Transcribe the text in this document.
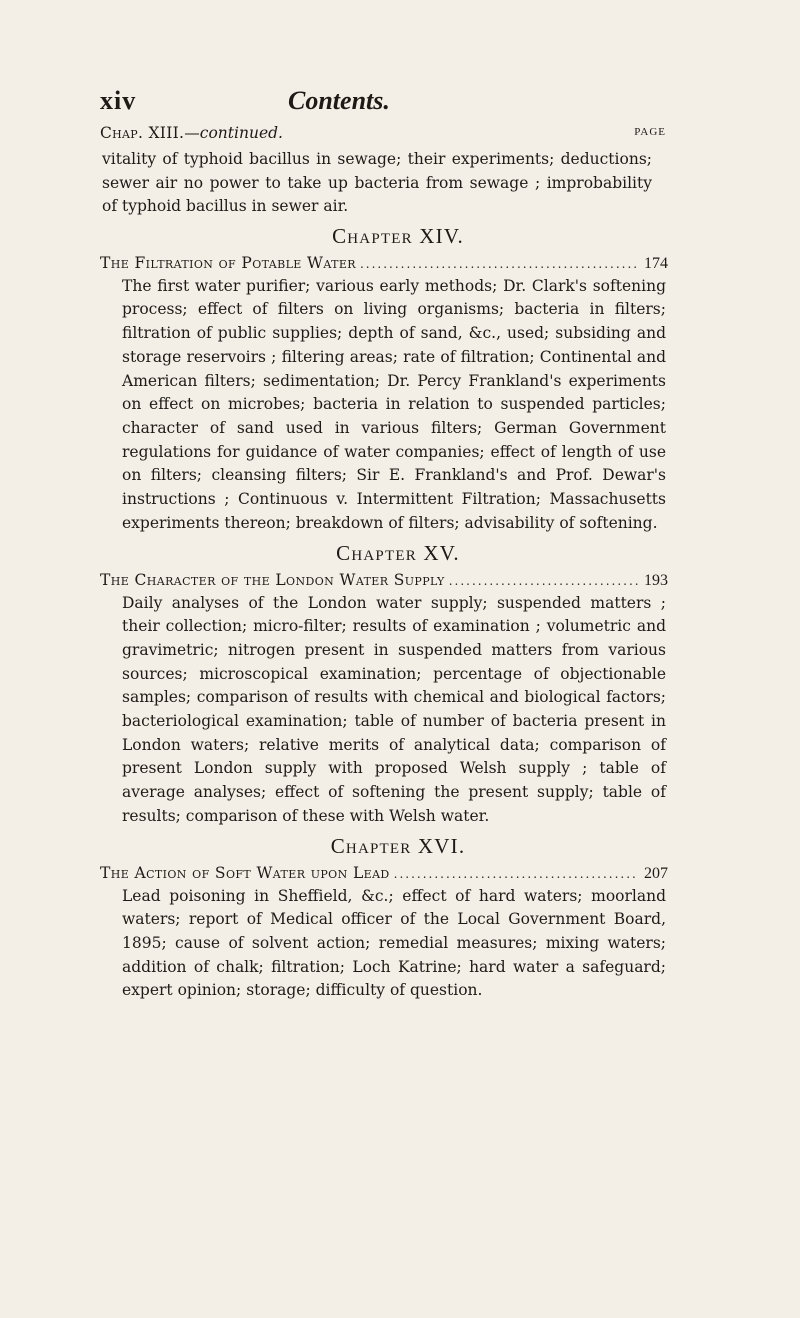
xiv	Contents.
Chap. XIII.—continued.	PAGE

vitality of typhoid bacillus in sewage; their experiments; deductions; sewer air no power to take up bacteria from sewage ; improbability of typhoid bacillus in sewer air.

Chapter XIV.
The Filtration of Potable Water .....	174

The first water purifier; various early methods; Dr. Clark's softening process; effect of filters on living organisms; bacteria in filters; filtration of public supplies; depth of sand, &c., used; subsiding and storage reservoirs ; filtering areas; rate of filtration; Continental and American filters; sedimentation; Dr. Percy Frankland's experiments on effect on microbes; bacteria in relation to suspended particles; character of sand used in various filters; German Government regulations for guidance of water companies; effect of length of use on filters; cleansing filters; Sir E. Frankland's and Prof. Dewar's instructions ; Continuous v. Intermittent Filtration; Massachusetts experiments thereon; breakdown of filters; advisability of softening.

Chapter XV.
The Character of the London Water Supply .....	193

Daily analyses of the London water supply; suspended matters ; their collection; micro-filter; results of examination ; volumetric and gravimetric; nitrogen present in suspended matters from various sources; microscopical examination; percentage of objectionable samples; comparison of results with chemical and biological factors; bacteriological examination; table of number of bacteria present in London waters; relative merits of analytical data; comparison of present London supply with proposed Welsh supply ; table of average analyses; effect of softening the present supply; table of results; comparison of these with Welsh water.

Chapter XVI.
The Action of Soft Water upon Lead .....	207

Lead poisoning in Sheffield, &c.; effect of hard waters; moorland waters; report of Medical officer of the Local Government Board, 1895; cause of solvent action; remedial measures; mixing waters; addition of chalk; filtration; Loch Katrine; hard water a safeguard; expert opinion; storage; difficulty of question.
